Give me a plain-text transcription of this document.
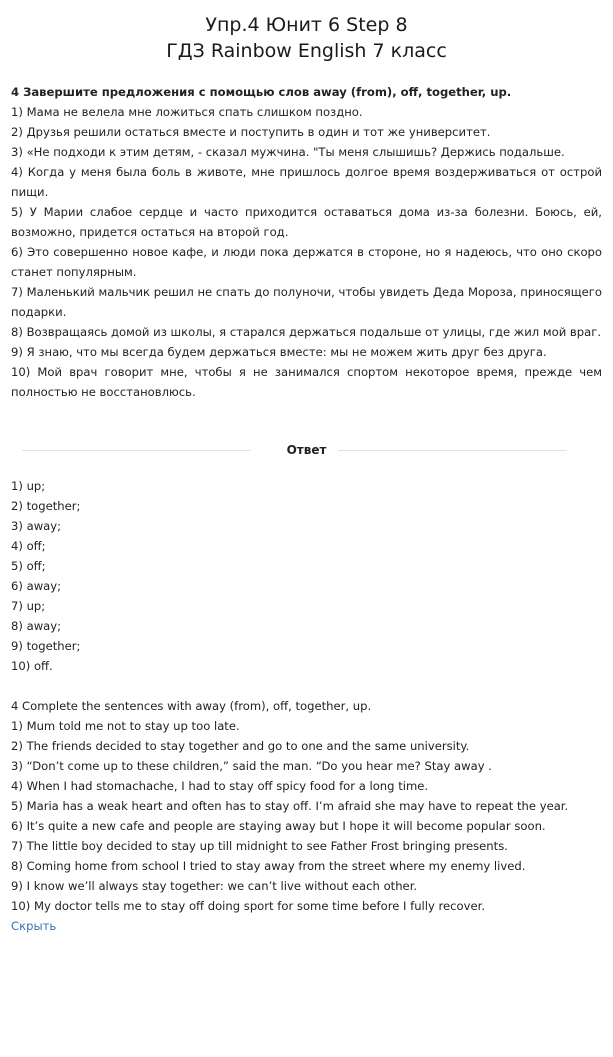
Упр.4 Юнит 6 Step 8
ГДЗ Rainbow English 7 класс
4 Завершите предложения с помощью слов away (from), off, together, up.
1) Мама не велела мне ложиться спать слишком поздно.
2) Друзья решили остаться вместе и поступить в один и тот же университет.
3) «Не подходи к этим детям, - сказал мужчина. "Ты меня слышишь? Держись подальше.
4) Когда у меня была боль в животе, мне пришлось долгое время воздерживаться от острой пищи.
5) У Марии слабое сердце и часто приходится оставаться дома из-за болезни. Боюсь, ей, возможно, придется остаться на второй год.
6) Это совершенно новое кафе, и люди пока держатся в стороне, но я надеюсь, что оно скоро станет популярным.
7) Маленький мальчик решил не спать до полуночи, чтобы увидеть Деда Мороза, приносящего подарки.
8) Возвращаясь домой из школы, я старался держаться подальше от улицы, где жил мой враг.
9) Я знаю, что мы всегда будем держаться вместе: мы не можем жить друг без друга.
10) Мой врач говорит мне, чтобы я не занимался спортом некоторое время, прежде чем полностью не восстановлюсь.
Ответ
1) up;
2) together;
3) away;
4) off;
5) off;
6) away;
7) up;
8) away;
9) together;
10) off.
4 Complete the sentences with away (from), off, together, up.
1) Mum told me not to stay up too late.
2) The friends decided to stay together and go to one and the same university.
3) “Don’t come up to these children,” said the man. “Do you hear me? Stay away .
4) When I had stomachache, I had to stay off spicy food for a long time.
5) Maria has a weak heart and often has to stay off. I’m afraid she may have to repeat the year.
6) It’s quite a new cafe and people are staying away but I hope it will become popular soon.
7) The little boy decided to stay up till midnight to see Father Frost bringing presents.
8) Coming home from school I tried to stay away from the street where my enemy lived.
9) I know we’ll always stay together: we can’t live without each other.
10) My doctor tells me to stay off doing sport for some time before I fully recover.
Скрыть
